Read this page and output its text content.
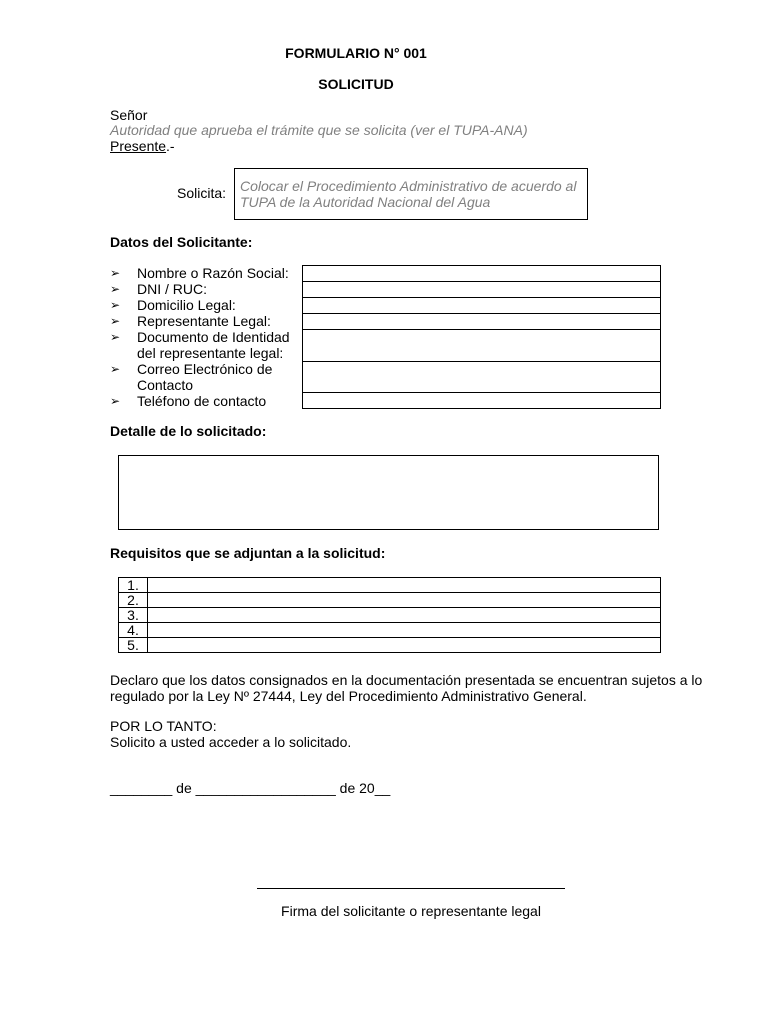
FORMULARIO N° 001
SOLICITUD
Señor
Autoridad que aprueba el trámite que se solicita (ver el TUPA-ANA)
Presente.-
Solicita: Colocar el Procedimiento Administrativo de acuerdo al TUPA de la Autoridad Nacional del Agua
Datos del Solicitante:
➢ Nombre o Razón Social:
➢ DNI / RUC:
➢ Domicilio Legal:
➢ Representante Legal:
➢ Documento de Identidad del representante legal:
➢ Correo Electrónico de Contacto
➢ Teléfono de contacto
Detalle de lo solicitado:
Requisitos que se adjuntan a la solicitud:
1.	
2.	
3.	
4.	
5.	
Declaro que los datos consignados en la documentación presentada se encuentran sujetos a lo regulado por la Ley Nº 27444, Ley del Procedimiento Administrativo General.
POR LO TANTO:
Solicito a usted acceder a lo solicitado.
________ de __________________ de 20__
Firma del solicitante o representante legal
